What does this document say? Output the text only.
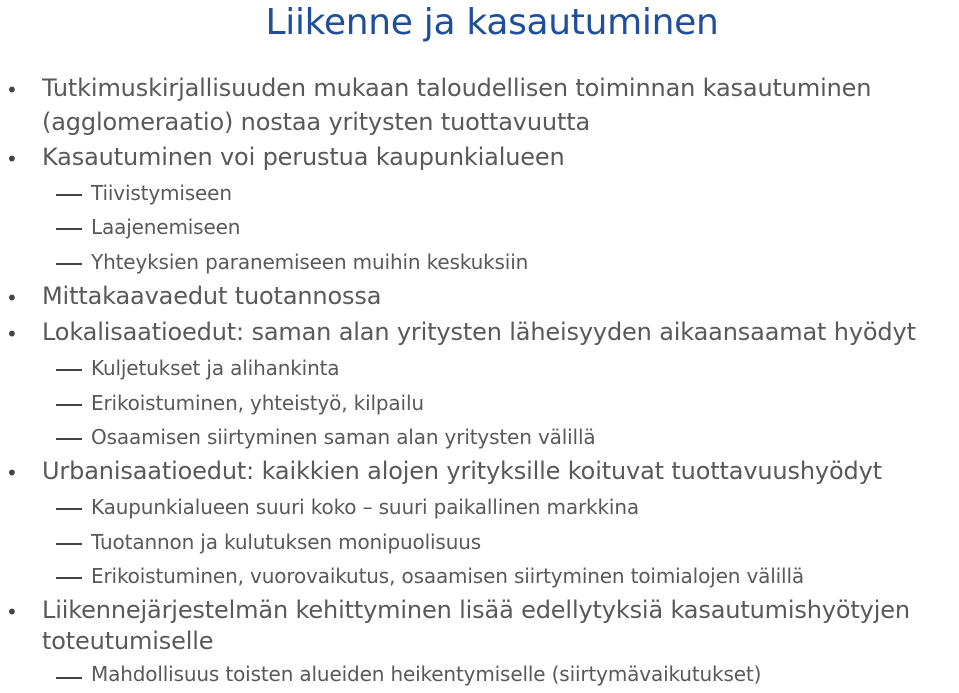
Liikenne ja kasautuminen
• Tutkimuskirjallisuuden mukaan taloudellisen toiminnan kasautuminen
(agglomeraatio) nostaa yritysten tuottavuutta
• Kasautuminen voi perustua kaupunkialueen
Tiivistymiseen
Laajenemiseen
Yhteyksien paranemiseen muihin keskuksiin
• Mittakaavaedut tuotannossa
• Lokalisaatioedut: saman alan yritysten läheisyyden aikaansaamat hyödyt
Kuljetukset ja alihankinta
Erikoistuminen, yhteistyö, kilpailu
Osaamisen siirtyminen saman alan yritysten välillä
• Urbanisaatioedut: kaikkien alojen yrityksille koituvat tuottavuushyödyt
Kaupunkialueen suuri koko – suuri paikallinen markkina
Tuotannon ja kulutuksen monipuolisuus
Erikoistuminen, vuorovaikutus, osaamisen siirtyminen toimialojen välillä
• Liikennejärjestelmän kehittyminen lisää edellytyksiä kasautumishyötyjen
toteutumiselle
Mahdollisuus toisten alueiden heikentymiselle (siirtymävaikutukset)
